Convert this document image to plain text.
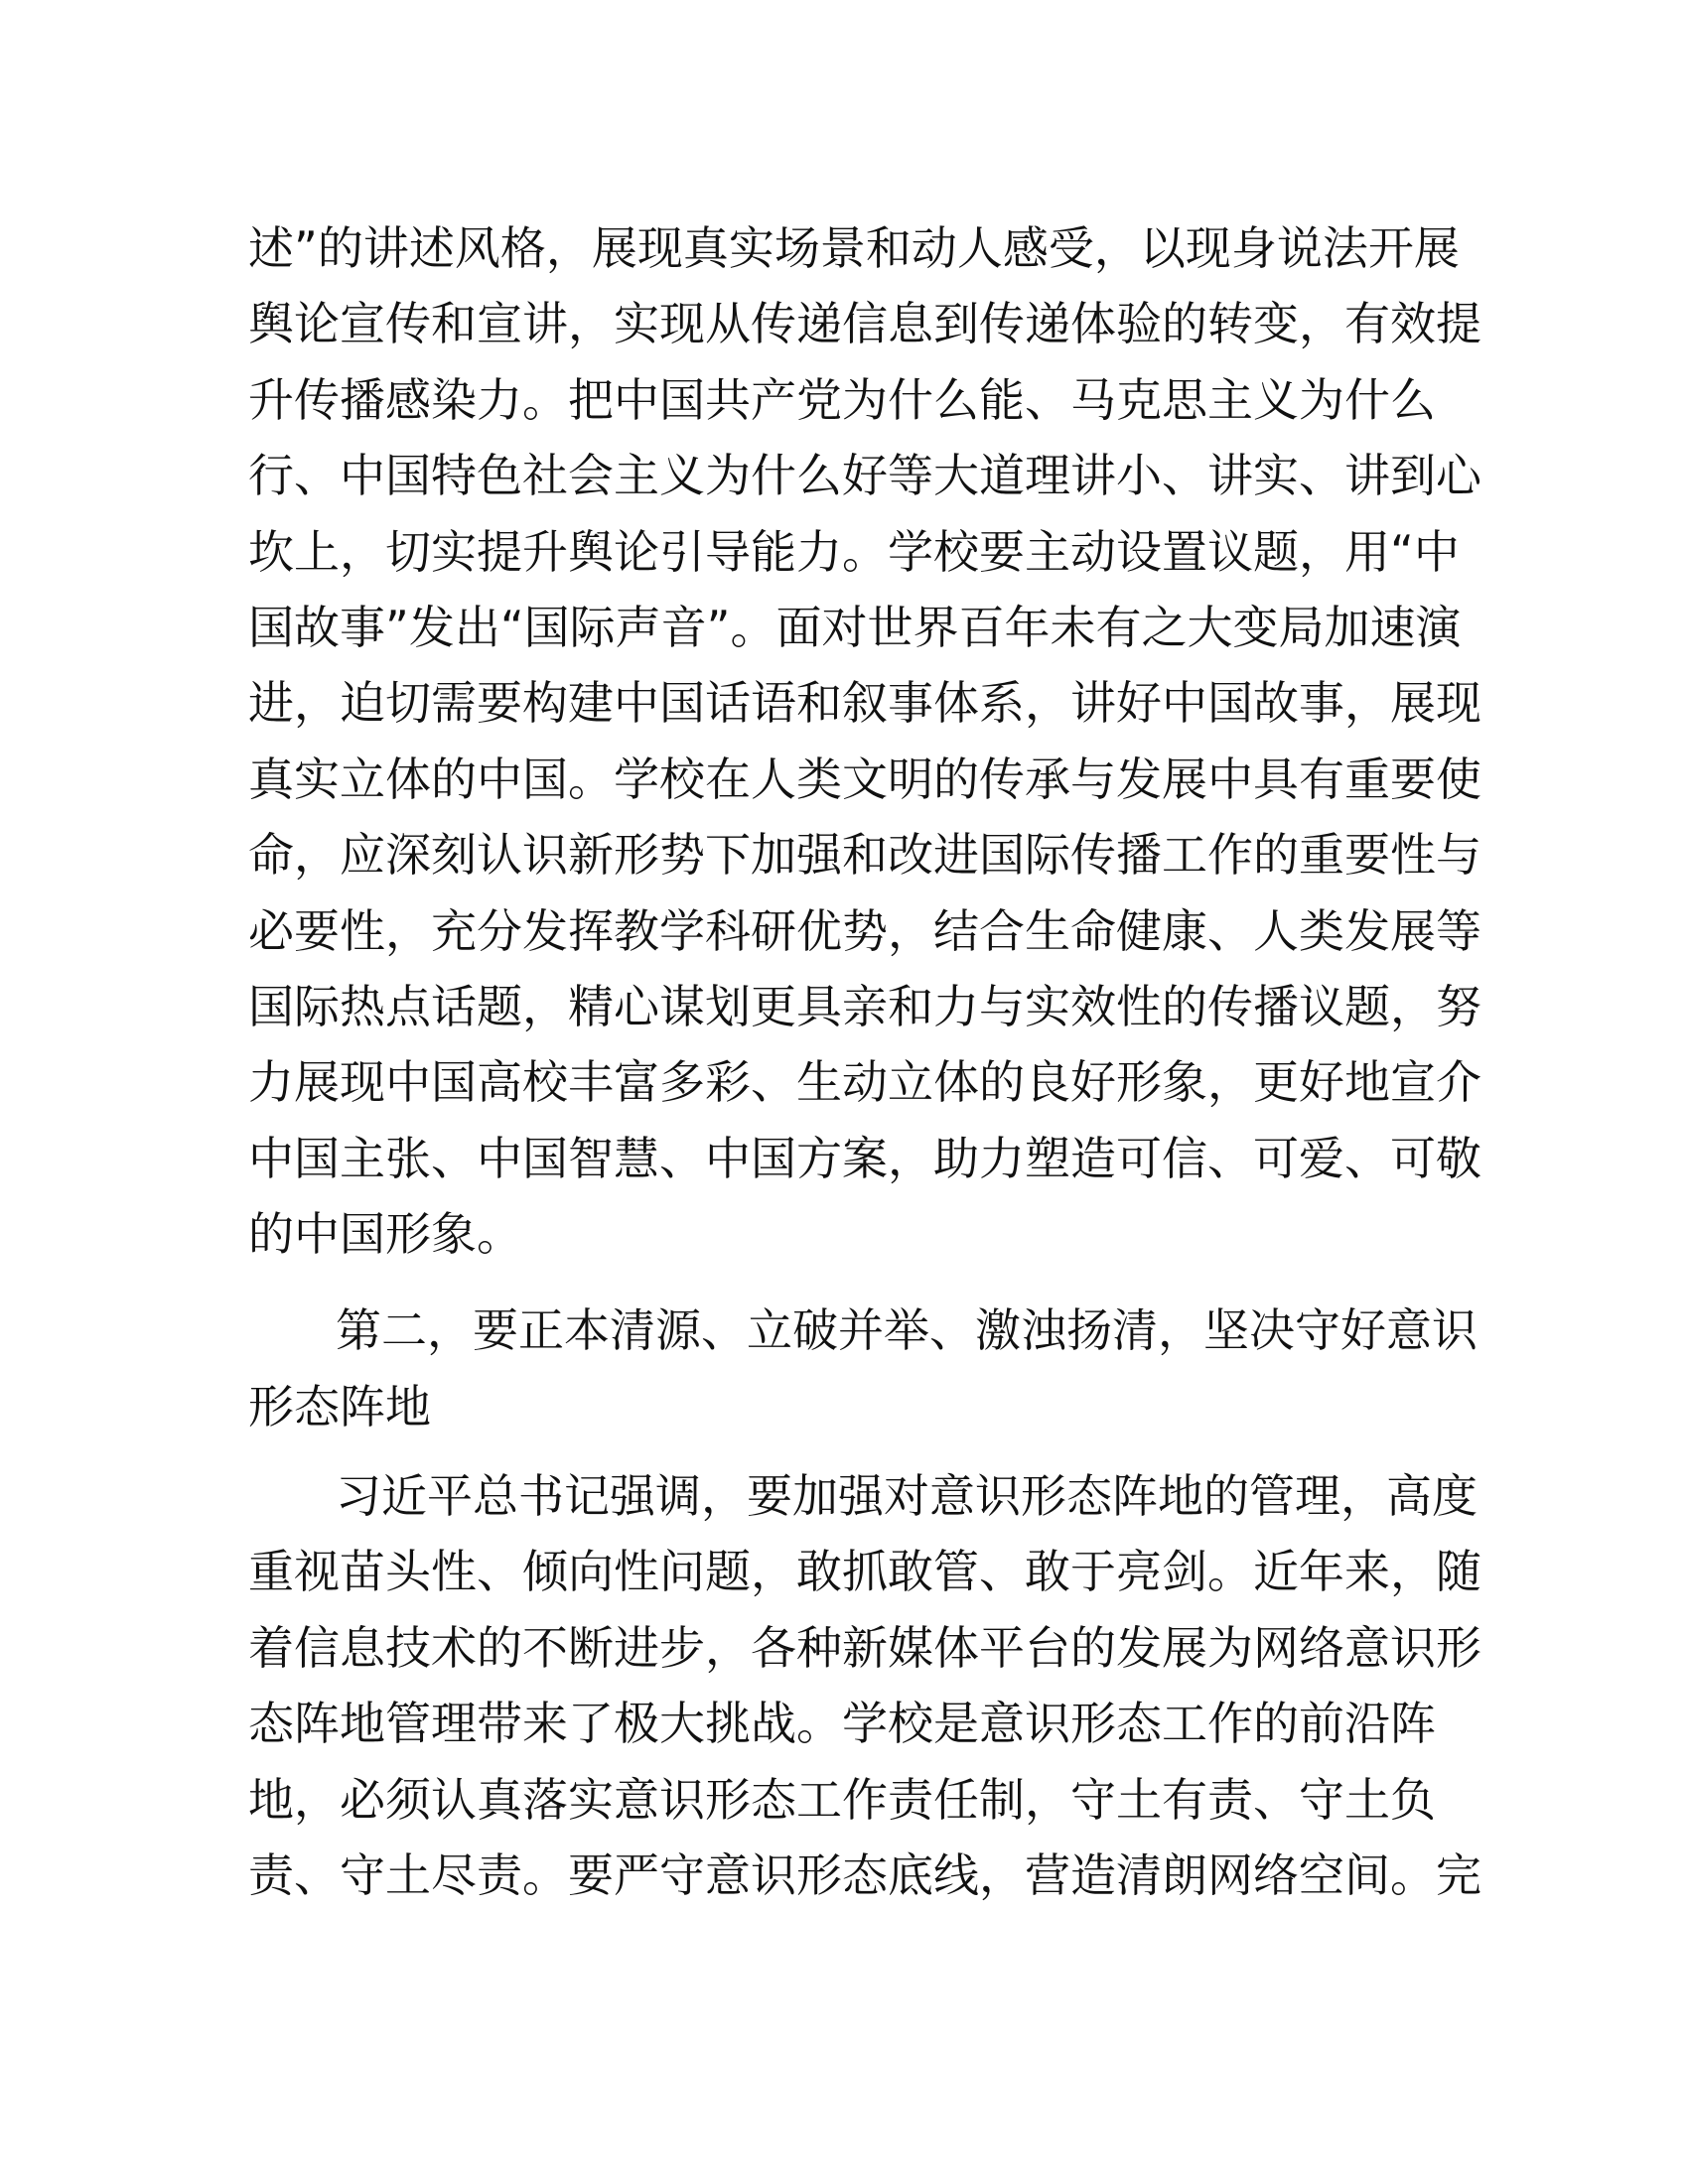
述”的讲述风格，展现真实场景和动人感受，以现身说法开展
舆论宣传和宣讲，实现从传递信息到传递体验的转变，有效提
升传播感染力。把中国共产党为什么能、马克思主义为什么
行、中国特色社会主义为什么好等大道理讲小、讲实、讲到心
坎上，切实提升舆论引导能力。学校要主动设置议题，用“中
国故事”发出“国际声音”。面对世界百年未有之大变局加速演
进，迫切需要构建中国话语和叙事体系，讲好中国故事，展现
真实立体的中国。学校在人类文明的传承与发展中具有重要使
命，应深刻认识新形势下加强和改进国际传播工作的重要性与
必要性，充分发挥教学科研优势，结合生命健康、人类发展等
国际热点话题，精心谋划更具亲和力与实效性的传播议题，努
力展现中国高校丰富多彩、生动立体的良好形象，更好地宣介
中国主张、中国智慧、中国方案，助力塑造可信、可爱、可敬
的中国形象。
第二，要正本清源、立破并举、激浊扬清，坚决守好意识
形态阵地
习近平总书记强调，要加强对意识形态阵地的管理，高度
重视苗头性、倾向性问题，敢抓敢管、敢于亮剑。近年来，随
着信息技术的不断进步，各种新媒体平台的发展为网络意识形
态阵地管理带来了极大挑战。学校是意识形态工作的前沿阵
地，必须认真落实意识形态工作责任制，守土有责、守土负
责、守土尽责。要严守意识形态底线，营造清朗网络空间。完
